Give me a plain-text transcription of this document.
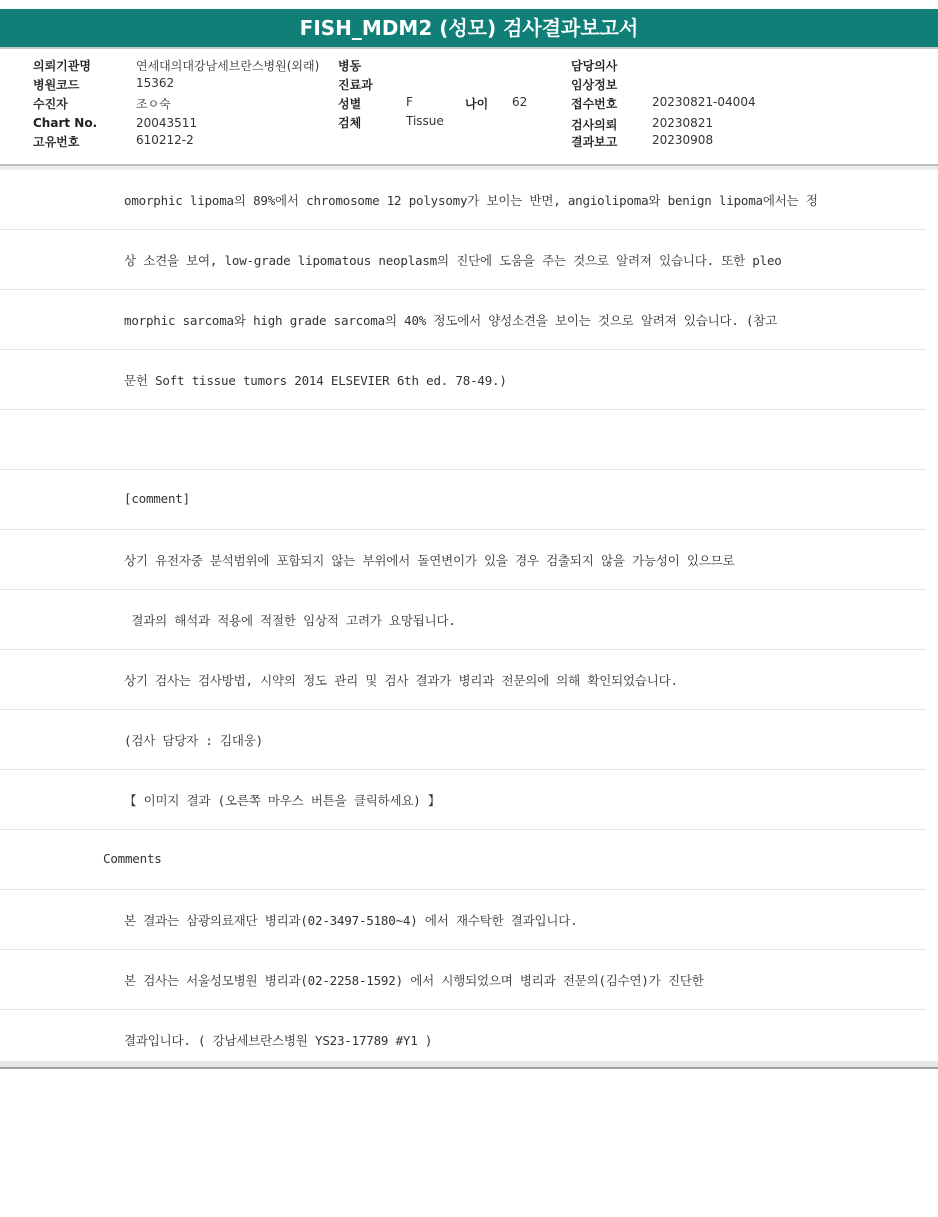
FISH_MDM2 (성모) 검사결과보고서
의뢰기관명	연세대의대강남세브란스병원(외래)
병원코드	15362
수진자	조ㅇ숙
Chart No.	20043511
고유번호	610212-2
병동
진료과
성별	F	나이 62
검체	Tissue
담당의사
임상정보
접수번호	20230821-04004
검사의뢰	20230821
결과보고	20230908
omorphic lipoma의 89%에서 chromosome 12 polysomy가 보이는 반면, angiolipoma와 benign lipoma에서는 정
상 소견을 보여, low-grade lipomatous neoplasm의 진단에 도움을 주는 것으로 알려져 있습니다. 또한 pleo
morphic sarcoma와 high grade sarcoma의 40% 정도에서 양성소견을 보이는 것으로 알려져 있습니다. (참고
문헌 Soft tissue tumors 2014 ELSEVIER 6th ed. 78-49.)
[comment]
상기 유전자중 분석범위에 포함되지 않는 부위에서 돌연변이가 있을 경우 검출되지 않을 가능성이 있으므로
결과의 해석과 적용에 적절한 임상적 고려가 요망됩니다.
상기 검사는 검사방법, 시약의 정도 관리 및 검사 결과가 병리과 전문의에 의해 확인되었습니다.
(검사 담당자 : 김대웅)
【 이미지 결과 (오른쪽 마우스 버튼을 클릭하세요) 】
Comments
본 결과는 삼광의료재단 병리과(02-3497-5180~4) 에서 재수탁한 결과입니다.
본 검사는 서울성모병원 병리과(02-2258-1592) 에서 시행되었으며 병리과 전문의(김수연)가 진단한
결과입니다. ( 강남세브란스병원 YS23-17789 #Y1 )
